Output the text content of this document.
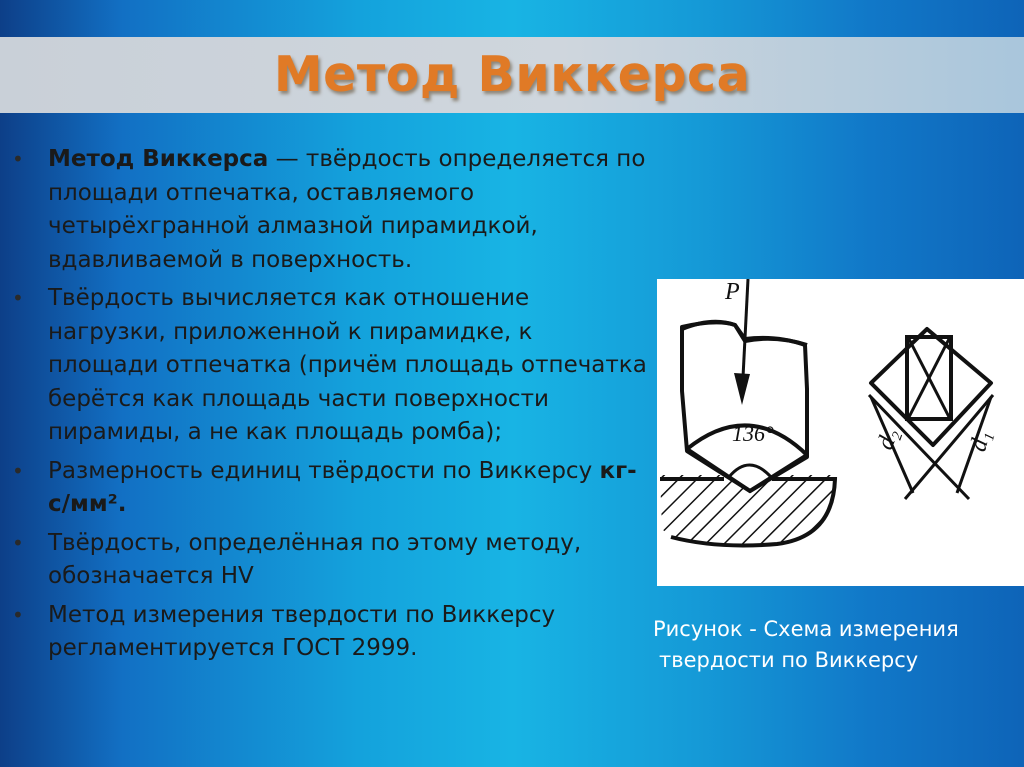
Метод Виккерса
• Метод Виккерса — твёрдость определяется по площади отпечатка, оставляемого четырёхгранной алмазной пирамидкой, вдавливаемой в поверхность.
• Твёрдость вычисляется как отношение нагрузки, приложенной к пирамидке, к площади отпечатка (причём площадь отпечатка берётся как площадь части поверхности пирамиды, а не как площадь ромба);
• Размерность единиц твёрдости по Виккерсу кг-с/мм².
• Твёрдость, определённая по этому методу, обозначается HV
• Метод измерения твердости по Виккерсу регламентируется ГОСТ 2999.
P
136°	d₂	d₁
Рисунок - Схема измерения
твердости по Виккерсу
